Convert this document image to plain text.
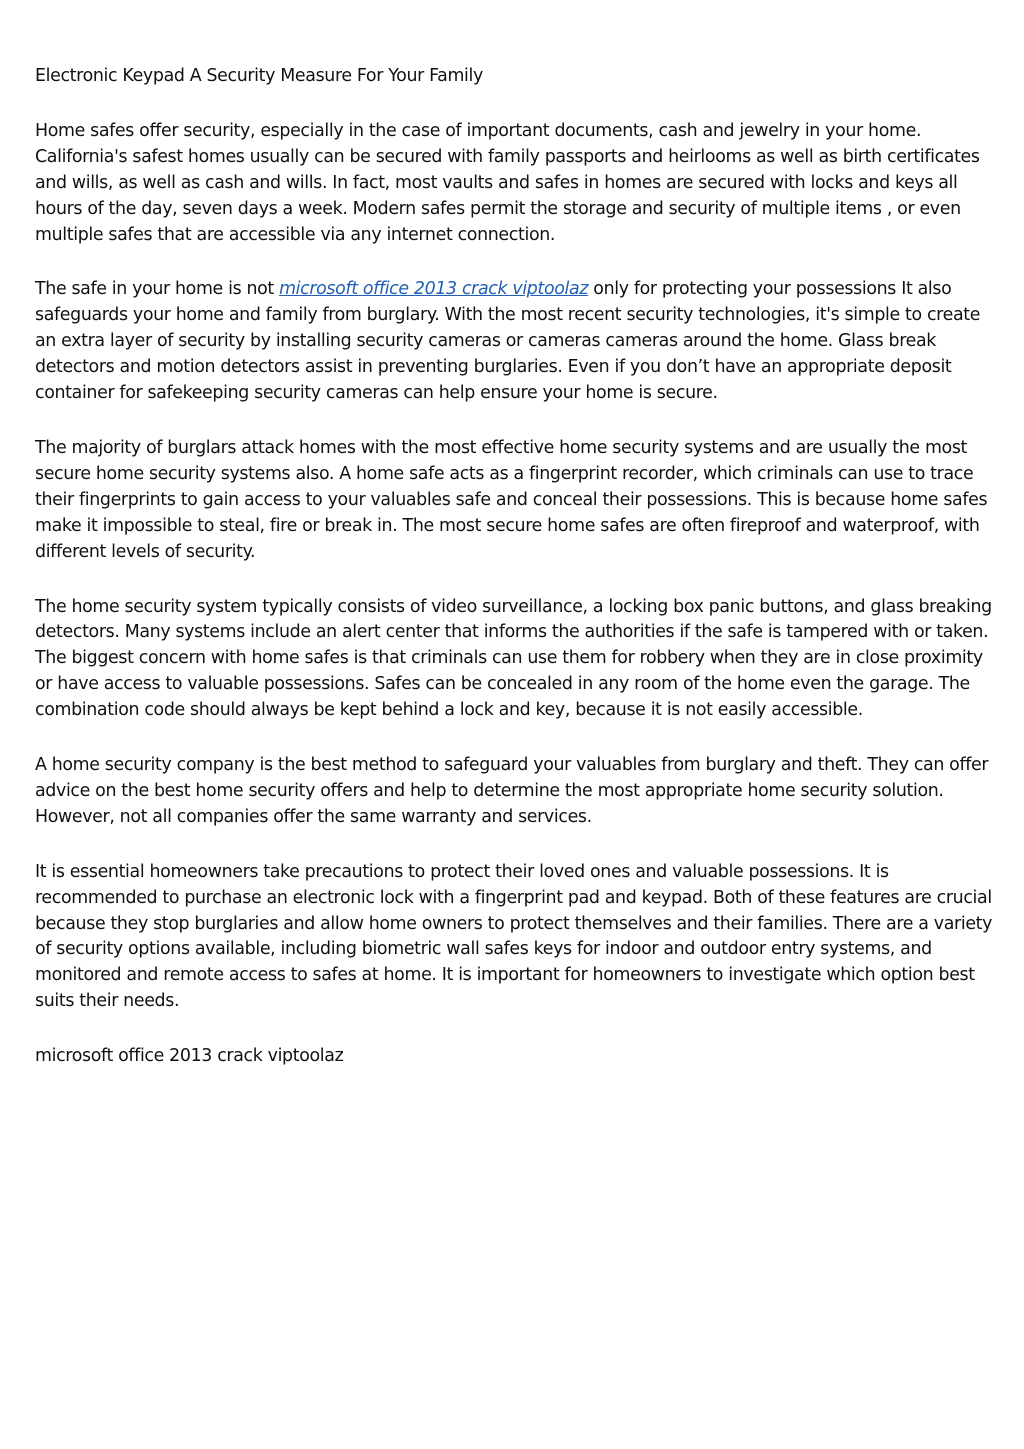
Electronic Keypad A Security Measure For Your Family

Home safes offer security, especially in the case of important documents, cash and jewelry in your home. California's safest homes usually can be secured with family passports and heirlooms as well as birth certificates and wills, as well as cash and wills. In fact, most vaults and safes in homes are secured with locks and keys all hours of the day, seven days a week. Modern safes permit the storage and security of multiple items , or even multiple safes that are accessible via any internet connection.

The safe in your home is not microsoft office 2013 crack viptoolaz only for protecting your possessions It also safeguards your home and family from burglary. With the most recent security technologies, it's simple to create an extra layer of security by installing security cameras or cameras cameras around the home. Glass break detectors and motion detectors assist in preventing burglaries. Even if you don’t have an appropriate deposit container for safekeeping security cameras can help ensure your home is secure.

The majority of burglars attack homes with the most effective home security systems and are usually the most secure home security systems also. A home safe acts as a fingerprint recorder, which criminals can use to trace their fingerprints to gain access to your valuables safe and conceal their possessions. This is because home safes make it impossible to steal, fire or break in. The most secure home safes are often fireproof and waterproof, with different levels of security.

The home security system typically consists of video surveillance, a locking box panic buttons, and glass breaking detectors. Many systems include an alert center that informs the authorities if the safe is tampered with or taken. The biggest concern with home safes is that criminals can use them for robbery when they are in close proximity or have access to valuable possessions. Safes can be concealed in any room of the home even the garage. The combination code should always be kept behind a lock and key, because it is not easily accessible.

A home security company is the best method to safeguard your valuables from burglary and theft. They can offer advice on the best home security offers and help to determine the most appropriate home security solution. However, not all companies offer the same warranty and services.

It is essential homeowners take precautions to protect their loved ones and valuable possessions. It is recommended to purchase an electronic lock with a fingerprint pad and keypad. Both of these features are crucial because they stop burglaries and allow home owners to protect themselves and their families. There are a variety of security options available, including biometric wall safes keys for indoor and outdoor entry systems, and monitored and remote access to safes at home. It is important for homeowners to investigate which option best suits their needs.

microsoft office 2013 crack viptoolaz
